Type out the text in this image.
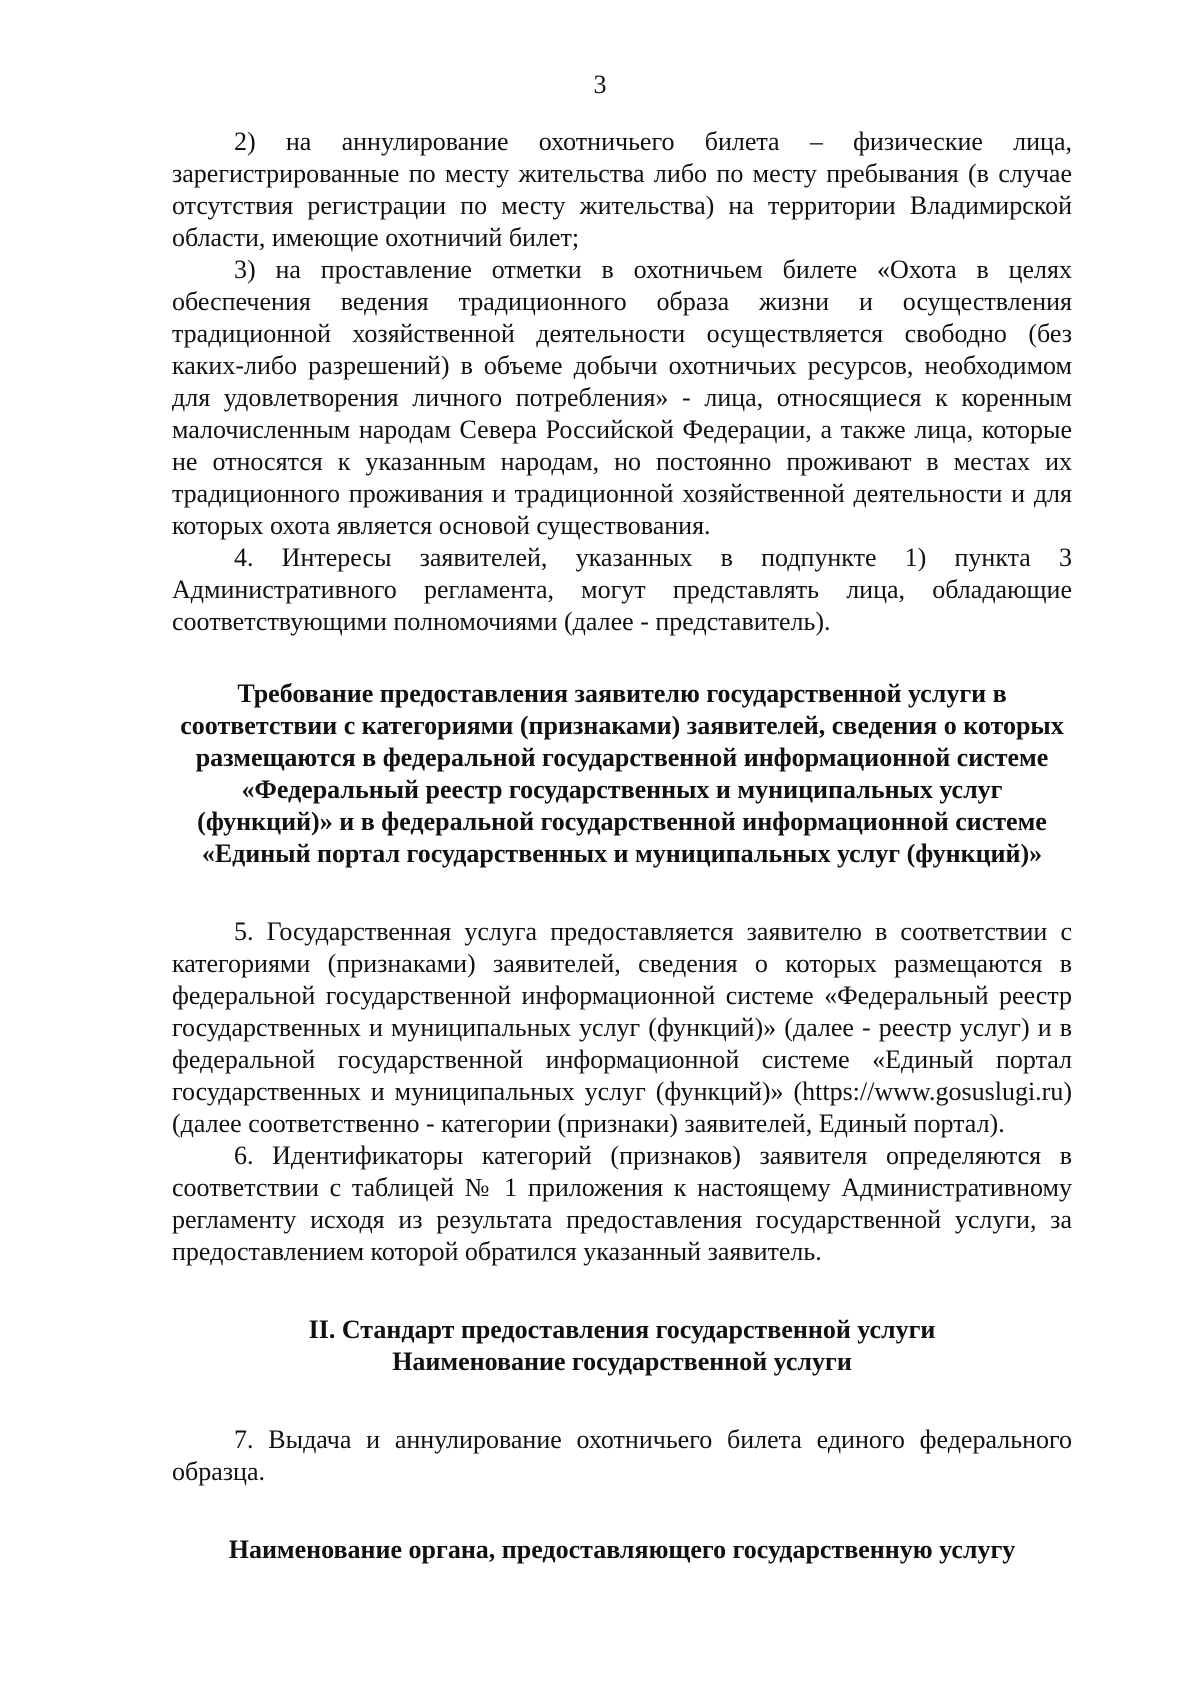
3

2) на аннулирование охотничьего билета – физические лица, зарегистрированные по месту жительства либо по месту пребывания (в случае отсутствия регистрации по месту жительства) на территории Владимирской области, имеющие охотничий билет;

3) на проставление отметки в охотничьем билете «Охота в целях обеспечения ведения традиционного образа жизни и осуществления традиционной хозяйственной деятельности осуществляется свободно (без каких-либо разрешений) в объеме добычи охотничьих ресурсов, необходимом для удовлетворения личного потребления» - лица, относящиеся к коренным малочисленным народам Севера Российской Федерации, а также лица, которые не относятся к указанным народам, но постоянно проживают в местах их традиционного проживания и традиционной хозяйственной деятельности и для которых охота является основой существования.

4. Интересы заявителей, указанных в подпункте 1) пункта 3 Административного регламента, могут представлять лица, обладающие соответствующими полномочиями (далее - представитель).

Требование предоставления заявителю государственной услуги в

соответствии с категориями (признаками) заявителей, сведения о которых

размещаются в федеральной государственной информационной системе

«Федеральный реестр государственных и муниципальных услуг

(функций)» и в федеральной государственной информационной системе

«Единый портал государственных и муниципальных услуг (функций)»

5. Государственная услуга предоставляется заявителю в соответствии с категориями (признаками) заявителей, сведения о которых размещаются в федеральной государственной информационной системе «Федеральный реестр государственных и муниципальных услуг (функций)» (далее - реестр услуг) и в федеральной государственной информационной системе «Единый портал государственных и муниципальных услуг (функций)» (https://www.gosuslugi.ru) (далее соответственно - категории (признаки) заявителей, Единый портал).

6. Идентификаторы категорий (признаков) заявителя определяются в соответствии с таблицей № 1 приложения к настоящему Административному регламенту исходя из результата предоставления государственной услуги, за предоставлением которой обратился указанный заявитель.

II. Стандарт предоставления государственной услуги

Наименование государственной услуги

7. Выдача и аннулирование охотничьего билета единого федерального образца.

Наименование органа, предоставляющего государственную услугу
